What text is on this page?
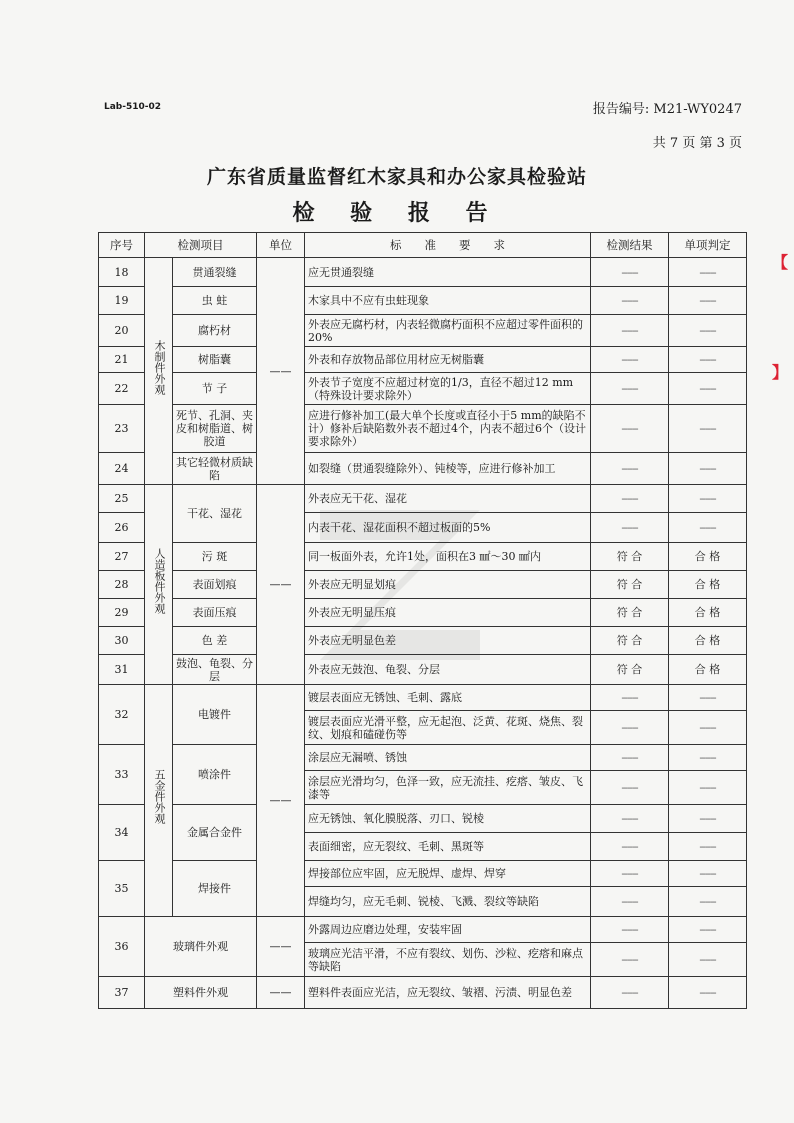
Lab-510-02	报告编号: M21-WY0247
共 7 页 第 3 页
广东省质量监督红木家具和办公家具检验站
检 验 报 告
【
】
序号	检测项目		单位	标　　准　　要　　求	检测结果	单项判定
18	木制件外观	贯通裂缝	——	应无贯通裂缝	------	------
19		虫 蛀		木家具中不应有虫蛀现象	------	------
20		腐朽材		外表应无腐朽材，内表轻微腐朽面积不应超过零件面积的20%	------	------
21		树脂囊		外表和存放物品部位用材应无树脂囊	------	------
22		节 子		外表节子宽度不应超过材宽的1/3，直径不超过12 mm（特殊设计要求除外）	------	------
23		死节、孔洞、夹皮和树脂道、树胶道		应进行修补加工(最大单个长度或直径小于5 mm的缺陷不计）修补后缺陷数外表不超过4个，内表不超过6个（设计要求除外）	------	------
24		其它轻微材质缺陷		如裂缝（贯通裂缝除外）、钝棱等，应进行修补加工	------	------
25	人造板件外观	干花、湿花	——	外表应无干花、湿花	------	------
26				内表干花、湿花面积不超过板面的5%	------	------
27		污 斑		同一板面外表，允许1处，面积在3 ㎟～30 ㎟内	符 合	合 格
28		表面划痕		外表应无明显划痕	符 合	合 格
29		表面压痕		外表应无明显压痕	符 合	合 格
30		色 差		外表应无明显色差	符 合	合 格
31		鼓泡、龟裂、分层		外表应无鼓泡、龟裂、分层	符 合	合 格
32	五金件外观	电镀件	——	镀层表面应无锈蚀、毛刺、露底	------	------
				镀层表面应光滑平整，应无起泡、泛黄、花斑、烧焦、裂纹、划痕和磕碰伤等	------	------
33		喷涂件		涂层应无漏喷、锈蚀	------	------
				涂层应光滑均匀，色泽一致，应无流挂、疙瘩、皱皮、飞漆等	------	------
34		金属合金件		应无锈蚀、氧化膜脱落、刃口、锐棱	------	------
				表面细密，应无裂纹、毛刺、黑斑等	------	------
35		焊接件		焊接部位应牢固，应无脱焊、虚焊、焊穿	------	------
				焊缝均匀，应无毛刺、锐棱、飞溅、裂纹等缺陷	------	------
36	玻璃件外观		——	外露周边应磨边处理，安装牢固	------	------
				玻璃应光洁平滑，不应有裂纹、划伤、沙粒、疙瘩和麻点等缺陷	------	------
37	塑料件外观		——	塑料件表面应光洁，应无裂纹、皱褶、污渍、明显色差	------	------
